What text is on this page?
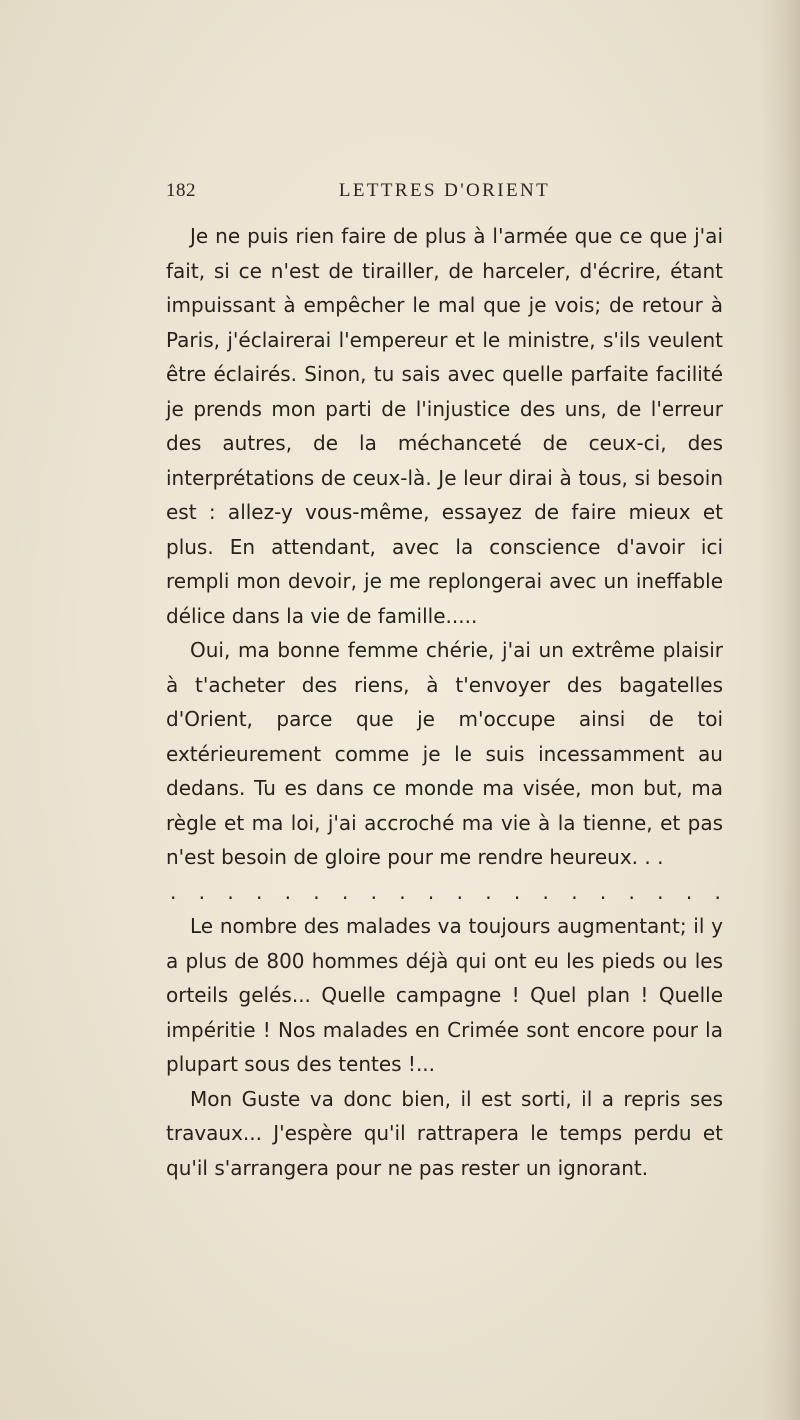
182	LETTRES D'ORIENT

Je ne puis rien faire de plus à l'armée que ce que j'ai fait, si ce n'est de tirailler, de harceler, d'écrire, étant impuissant à empêcher le mal que je vois; de retour à Paris, j'éclairerai l'empereur et le ministre, s'ils veulent être éclairés. Sinon, tu sais avec quelle parfaite facilité je prends mon parti de l'injustice des uns, de l'erreur des autres, de la méchanceté de ceux-ci, des interprétations de ceux-là. Je leur dirai à tous, si besoin est : allez-y vous-même, essayez de faire mieux et plus. En attendant, avec la conscience d'avoir ici rempli mon devoir, je me replongerai avec un ineffable délice dans la vie de famille.....

Oui, ma bonne femme chérie, j'ai un extrême plaisir à t'acheter des riens, à t'envoyer des bagatelles d'Orient, parce que je m'occupe ainsi de toi extérieurement comme je le suis incessamment au dedans. Tu es dans ce monde ma visée, mon but, ma règle et ma loi, j'ai accroché ma vie à la tienne, et pas n'est besoin de gloire pour me rendre heureux. . .

. . . . . . . . . . . . . . . . . . . .

Le nombre des malades va toujours augmentant; il y a plus de 800 hommes déjà qui ont eu les pieds ou les orteils gelés... Quelle campagne ! Quel plan ! Quelle impéritie ! Nos malades en Crimée sont encore pour la plupart sous des tentes !...

Mon Guste va donc bien, il est sorti, il a repris ses travaux... J'espère qu'il rattrapera le temps perdu et qu'il s'arrangera pour ne pas rester un ignorant.
